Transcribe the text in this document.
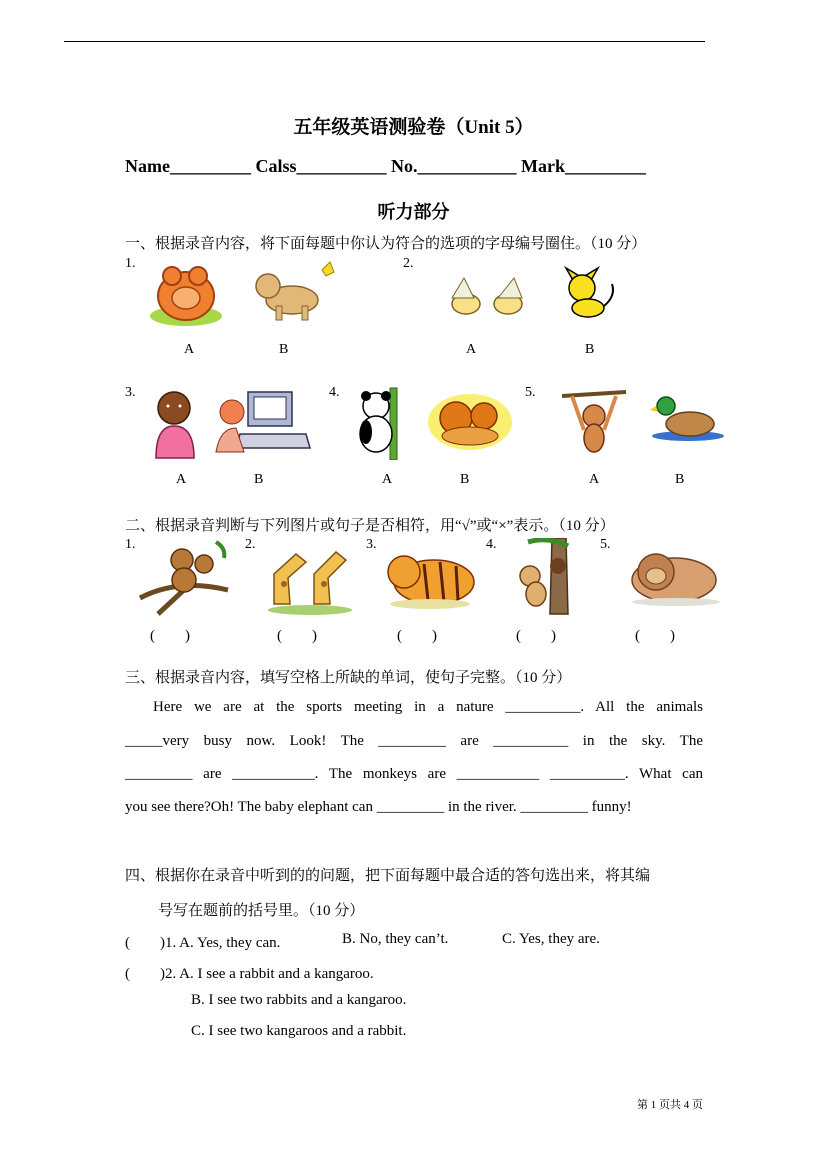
五年级英语测验卷（Unit 5）
Name_________ Calss__________ No.___________ Mark_________
听力部分
一、根据录音内容，将下面每题中你认为符合的选项的字母编号圈住。（10 分）
1.	2.
A	B	A	B
3.	4.	5.
A	B	A	B	A	B
二、根据录音判断与下列图片或句子是否相符，用“√”或“×”表示。（10 分）
1.	2.	3.	4.	5.
(　　)	(　　)	(　　)	(　　)	(　　)
三、根据录音内容，填写空格上所缺的单词，使句子完整。（10 分）
Here we are at the sports meeting in a nature __________. All the animals
_____very busy now. Look! The _________ are __________ in the sky. The
_________ are ___________. The monkeys are ___________ __________. What can
you see there?Oh! The baby elephant can _________ in the river. _________ funny!
四、根据你在录音中听到的的问题，把下面每题中最合适的答句选出来，将其编
号写在题前的括号里。（10 分）
(　　)1. A. Yes, they can.	B. No, they can’t.	C. Yes, they are.
(　　)2. A. I see a rabbit and a kangaroo.
B. I see two rabbits and a kangaroo.
C. I see two kangaroos and a rabbit.
第 1 页共 4 页
